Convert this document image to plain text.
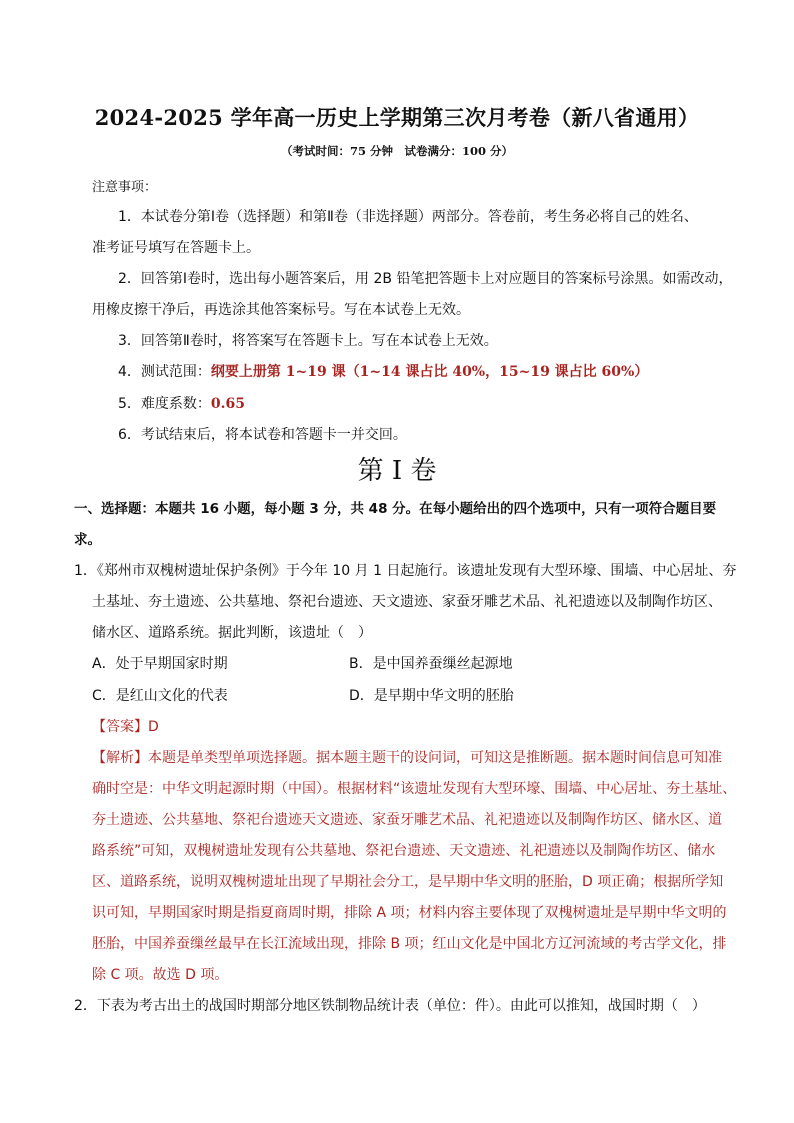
2024-2025 学年高一历史上学期第三次月考卷（新八省通用）
（考试时间：75 分钟　试卷满分：100 分）
注意事项：
1．本试卷分第Ⅰ卷（选择题）和第Ⅱ卷（非选择题）两部分。答卷前，考生务必将自己的姓名、
准考证号填写在答题卡上。
2．回答第Ⅰ卷时，选出每小题答案后，用 2B 铅笔把答题卡上对应题目的答案标号涂黑。如需改动，
用橡皮擦干净后，再选涂其他答案标号。写在本试卷上无效。
3．回答第Ⅱ卷时，将答案写在答题卡上。写在本试卷上无效。
4．测试范围：纲要上册第 1~19 课（1~14 课占比 40%，15~19 课占比 60%）
5．难度系数：0.65
6．考试结束后，将本试卷和答题卡一并交回。
第 I 卷
一、选择题：本题共 16 小题，每小题 3 分，共 48 分。在每小题给出的四个选项中，只有一项符合题目要
求。
1．《郑州市双槐树遗址保护条例》于今年 10 月 1 日起施行。该遗址发现有大型环壕、围墙、中心居址、夯
土基址、夯土遗迹、公共墓地、祭祀台遗迹、天文遗迹、家蚕牙雕艺术品、礼祀遗迹以及制陶作坊区、
储水区、道路系统。据此判断，该遗址（　）
A．处于早期国家时期	B．是中国养蚕缫丝起源地
C．是红山文化的代表	D．是早期中华文明的胚胎
【答案】D
【解析】本题是单类型单项选择题。据本题主题干的设问词，可知这是推断题。据本题时间信息可知准
确时空是：中华文明起源时期（中国）。根据材料“该遗址发现有大型环壕、围墙、中心居址、夯土基址、
夯土遗迹、公共墓地、祭祀台遗迹天文遗迹、家蚕牙雕艺术品、礼祀遗迹以及制陶作坊区、储水区、道
路系统”可知，双槐树遗址发现有公共墓地、祭祀台遗迹、天文遗迹、礼祀遗迹以及制陶作坊区、储水
区、道路系统，说明双槐树遗址出现了早期社会分工，是早期中华文明的胚胎，D 项正确；根据所学知
识可知，早期国家时期是指夏商周时期，排除 A 项；材料内容主要体现了双槐树遗址是早期中华文明的
胚胎，中国养蚕缫丝最早在长江流域出现，排除 B 项；红山文化是中国北方辽河流域的考古学文化，排
除 C 项。故选 D 项。
2．下表为考古出土的战国时期部分地区铁制物品统计表（单位：件）。由此可以推知，战国时期（　）
